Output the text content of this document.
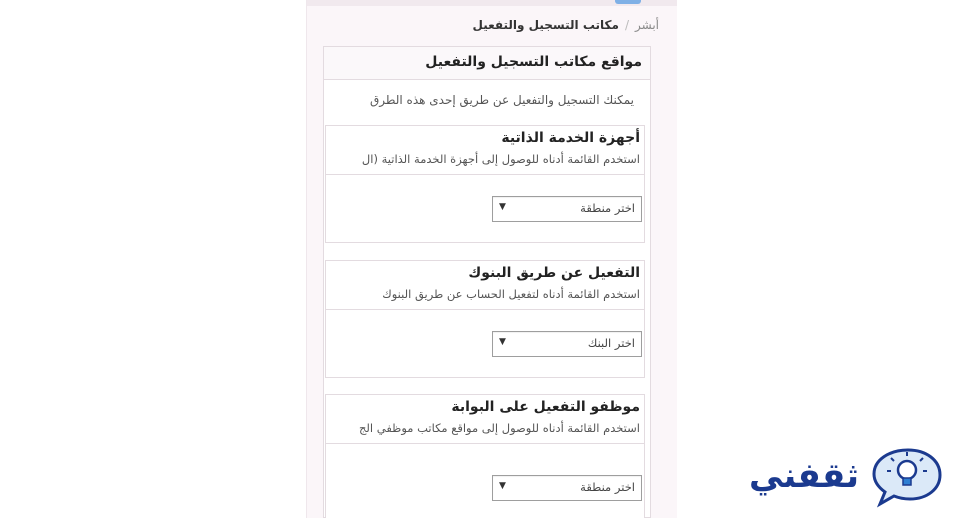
أبشر/مكاتب التسجيل والتفعيل
مواقع مكاتب التسجيل والتفعيل
يمكنك التسجيل والتفعيل عن طريق إحدى هذه الطرق
أجهزة الخدمة الذاتية
استخدم القائمة أدناه للوصول إلى أجهزة الخدمة الذاتية (ال
اختر منطقة
▼
التفعيل عن طريق البنوك
استخدم القائمة أدناه لتفعيل الحساب عن طريق البنوك
اختر البنك
▼
موظفو التفعيل على البوابة
استخدم القائمة أدناه للوصول إلى مواقع مكاتب موظفي الج
اختر منطقة
▼	ثقفني
